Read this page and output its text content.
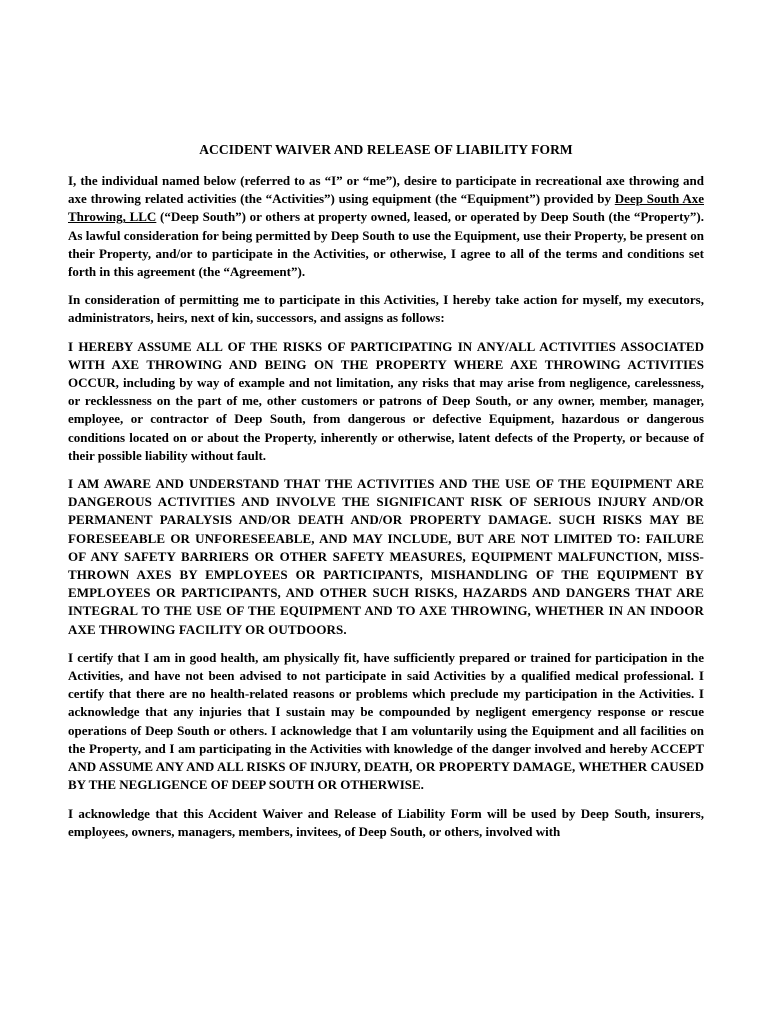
ACCIDENT WAIVER AND RELEASE OF LIABILITY FORM

I, the individual named below (referred to as “I” or “me”), desire to participate in recreational axe throwing and axe throwing related activities (the “Activities”) using equipment (the “Equipment”) provided by Deep South Axe Throwing, LLC (“Deep South”) or others at property owned, leased, or operated by Deep South (the “Property”). As lawful consideration for being permitted by Deep South to use the Equipment, use their Property, be present on their Property, and/or to participate in the Activities, or otherwise, I agree to all of the terms and conditions set forth in this agreement (the “Agreement”).

In consideration of permitting me to participate in this Activities, I hereby take action for myself, my executors, administrators, heirs, next of kin, successors, and assigns as follows:

I HEREBY ASSUME ALL OF THE RISKS OF PARTICIPATING IN ANY/ALL ACTIVITIES ASSOCIATED WITH AXE THROWING AND BEING ON THE PROPERTY WHERE AXE THROWING ACTIVITIES OCCUR, including by way of example and not limitation, any risks that may arise from negligence, carelessness, or recklessness on the part of me, other customers or patrons of Deep South, or any owner, member, manager, employee, or contractor of Deep South, from dangerous or defective Equipment, hazardous or dangerous conditions located on or about the Property, inherently or otherwise, latent defects of the Property, or because of their possible liability without fault.

I AM AWARE AND UNDERSTAND THAT THE ACTIVITIES AND THE USE OF THE EQUIPMENT ARE DANGEROUS ACTIVITIES AND INVOLVE THE SIGNIFICANT RISK OF SERIOUS INJURY AND/OR PERMANENT PARALYSIS AND/OR DEATH AND/OR PROPERTY DAMAGE. SUCH RISKS MAY BE FORESEEABLE OR UNFORESEEABLE, AND MAY INCLUDE, BUT ARE NOT LIMITED TO: FAILURE OF ANY SAFETY BARRIERS OR OTHER SAFETY MEASURES, EQUIPMENT MALFUNCTION, MISS-THROWN AXES BY EMPLOYEES OR PARTICIPANTS, MISHANDLING OF THE EQUIPMENT BY EMPLOYEES OR PARTICIPANTS, AND OTHER SUCH RISKS, HAZARDS AND DANGERS THAT ARE INTEGRAL TO THE USE OF THE EQUIPMENT AND TO AXE THROWING, WHETHER IN AN INDOOR AXE THROWING FACILITY OR OUTDOORS.

I certify that I am in good health, am physically fit, have sufficiently prepared or trained for participation in the Activities, and have not been advised to not participate in said Activities by a qualified medical professional. I certify that there are no health-related reasons or problems which preclude my participation in the Activities. I acknowledge that any injuries that I sustain may be compounded by negligent emergency response or rescue operations of Deep South or others. I acknowledge that I am voluntarily using the Equipment and all facilities on the Property, and I am participating in the Activities with knowledge of the danger involved and hereby ACCEPT AND ASSUME ANY AND ALL RISKS OF INJURY, DEATH, OR PROPERTY DAMAGE, WHETHER CAUSED BY THE NEGLIGENCE OF DEEP SOUTH OR OTHERWISE.

I acknowledge that this Accident Waiver and Release of Liability Form will be used by Deep South, insurers, employees, owners, managers, members, invitees, of Deep South, or others, involved with
